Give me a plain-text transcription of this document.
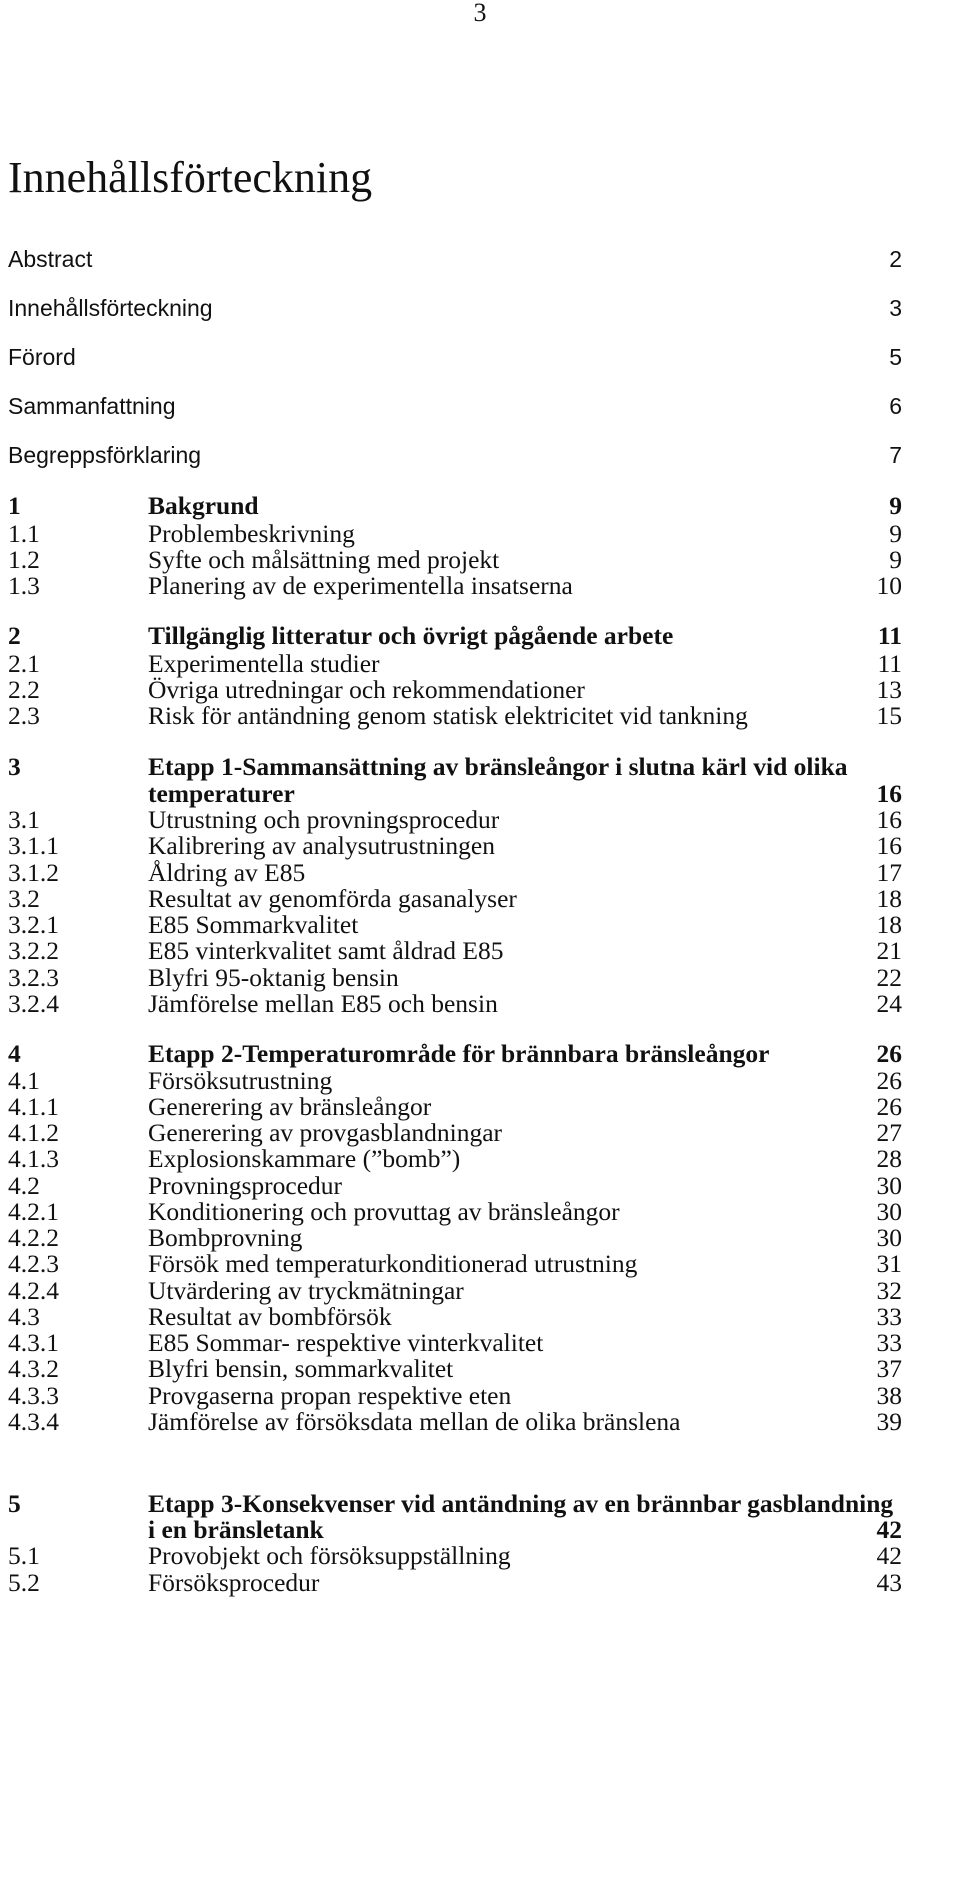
3
Innehållsförteckning
Abstract	2
Innehållsförteckning	3
Förord	5
Sammanfattning	6
Begreppsförklaring	7
1	Bakgrund	9
1.1	Problembeskrivning	9
1.2	Syfte och målsättning med projekt	9
1.3	Planering av de experimentella insatserna	10
2	Tillgänglig litteratur och övrigt pågående arbete	11
2.1	Experimentella studier	11
2.2	Övriga utredningar och rekommendationer	13
2.3	Risk för antändning genom statisk elektricitet vid tankning	15
3	Etapp 1-Sammansättning av bränsleångor i slutna kärl vid olika
temperaturer	16
3.1	Utrustning och provningsprocedur	16
3.1.1	Kalibrering av analysutrustningen	16
3.1.2	Åldring av E85	17
3.2	Resultat av genomförda gasanalyser	18
3.2.1	E85 Sommarkvalitet	18
3.2.2	E85 vinterkvalitet samt åldrad E85	21
3.2.3	Blyfri 95-oktanig bensin	22
3.2.4	Jämförelse mellan E85 och bensin	24
4	Etapp 2-Temperaturområde för brännbara bränsleångor	26
4.1	Försöksutrustning	26
4.1.1	Generering av bränsleångor	26
4.1.2	Generering av provgasblandningar	27
4.1.3	Explosionskammare (”bomb”)	28
4.2	Provningsprocedur	30
4.2.1	Konditionering och provuttag av bränsleångor	30
4.2.2	Bombprovning	30
4.2.3	Försök med temperaturkonditionerad utrustning	31
4.2.4	Utvärdering av tryckmätningar	32
4.3	Resultat av bombförsök	33
4.3.1	E85 Sommar- respektive vinterkvalitet	33
4.3.2	Blyfri bensin, sommarkvalitet	37
4.3.3	Provgaserna propan respektive eten	38
4.3.4	Jämförelse av försöksdata mellan de olika bränslena	39
5	Etapp 3-Konsekvenser vid antändning av en brännbar gasblandning
i en bränsletank	42
5.1	Provobjekt och försöksuppställning	42
5.2	Försöksprocedur	43
